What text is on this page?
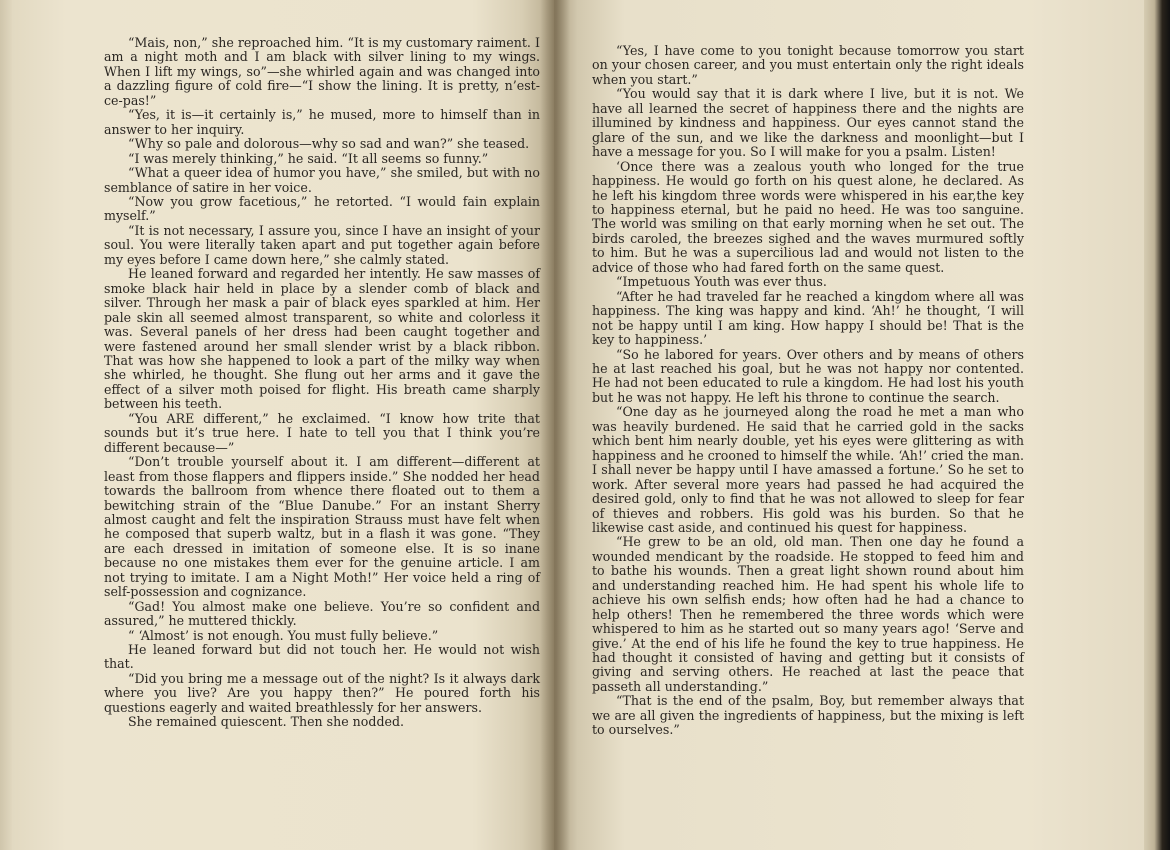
“Mais, non,” she reproached him. “It is my customary raiment. I am a night moth and I am black with silver lining to my wings. When I lift my wings, so”—she whirled again and was changed into a dazzling figure of cold fire—“I show the lining. It is pretty, n’est-ce-pas!”

“Yes, it is—it certainly is,” he mused, more to himself than in answer to her inquiry.

“Why so pale and dolorous—why so sad and wan?” she teased.

“I was merely thinking,” he said. “It all seems so funny.”

“What a queer idea of humor you have,” she smiled, but with no semblance of satire in her voice.

“Now you grow facetious,” he retorted. “I would fain explain myself.”

“It is not necessary, I assure you, since I have an insight of your soul. You were literally taken apart and put together again before my eyes before I came down here,” she calmly stated.

He leaned forward and regarded her intently. He saw masses of smoke black hair held in place by a slender comb of black and silver. Through her mask a pair of black eyes sparkled at him. Her pale skin all seemed almost transparent, so white and colorless it was. Several panels of her dress had been caught together and were fastened around her small slender wrist by a black ribbon. That was how she happened to look a part of the milky way when she whirled, he thought. She flung out her arms and it gave the effect of a silver moth poised for flight. His breath came sharply between his teeth.

“You ARE different,” he exclaimed. “I know how trite that sounds but it’s true here. I hate to tell you that I think you’re different because—”

“Don’t trouble yourself about it. I am different—different at least from those flappers and flippers inside.” She nodded her head towards the ballroom from whence there floated out to them a bewitching strain of the “Blue Danube.” For an instant Sherry almost caught and felt the inspiration Strauss must have felt when he composed that superb waltz, but in a flash it was gone. “They are each dressed in imitation of someone else. It is so inane because no one mistakes them ever for the genuine article. I am not trying to imitate. I am a Night Moth!” Her voice held a ring of self-possession and cognizance.

“Gad! You almost make one believe. You’re so confident and assured,” he muttered thickly.

“ ‘Almost’ is not enough. You must fully believe.”

He leaned forward but did not touch her. He would not wish that.

“Did you bring me a message out of the night? Is it always dark where you live? Are you happy then?” He poured forth his questions eagerly and waited breathlessly for her answers.

She remained quiescent. Then she nodded.

“Yes, I have come to you tonight because tomorrow you start on your chosen career, and you must entertain only the right ideals when you start.”

“You would say that it is dark where I live, but it is not. We have all learned the secret of happiness there and the nights are illumined by kindness and happiness. Our eyes cannot stand the glare of the sun, and we like the darkness and moonlight—but I have a message for you. So I will make for you a psalm. Listen!

‘Once there was a zealous youth who longed for the true happiness. He would go forth on his quest alone, he declared. As he left his kingdom three words were whispered in his ear,the key to happiness eternal, but he paid no heed. He was too sanguine. The world was smiling on that early morning when he set out. The birds caroled, the breezes sighed and the waves murmured softly to him. But he was a supercilious lad and would not listen to the advice of those who had fared forth on the same quest.

“Impetuous Youth was ever thus.

“After he had traveled far he reached a kingdom where all was happiness. The king was happy and kind. ‘Ah!’ he thought, ‘I will not be happy until I am king. How happy I should be! That is the key to happiness.’

“So he labored for years. Over others and by means of others he at last reached his goal, but he was not happy nor contented. He had not been educated to rule a kingdom. He had lost his youth but he was not happy. He left his throne to continue the search.

“One day as he journeyed along the road he met a man who was heavily burdened. He said that he carried gold in the sacks which bent him nearly double, yet his eyes were glittering as with happiness and he crooned to himself the while. ‘Ah!’ cried the man. I shall never be happy until I have amassed a fortune.’ So he set to work. After several more years had passed he had acquired the desired gold, only to find that he was not allowed to sleep for fear of thieves and robbers. His gold was his burden. So that he likewise cast aside, and continued his quest for happiness.

“He grew to be an old, old man. Then one day he found a wounded mendicant by the roadside. He stopped to feed him and to bathe his wounds. Then a great light shown round about him and understanding reached him. He had spent his whole life to achieve his own selfish ends; how often had he had a chance to help others! Then he remembered the three words which were whispered to him as he started out so many years ago! ‘Serve and give.’ At the end of his life he found the key to true happiness. He had thought it consisted of having and getting but it consists of giving and serving others. He reached at last the peace that passeth all understanding.”

“That is the end of the psalm, Boy, but remember always that we are all given the ingredients of happiness, but the mixing is left to ourselves.”
